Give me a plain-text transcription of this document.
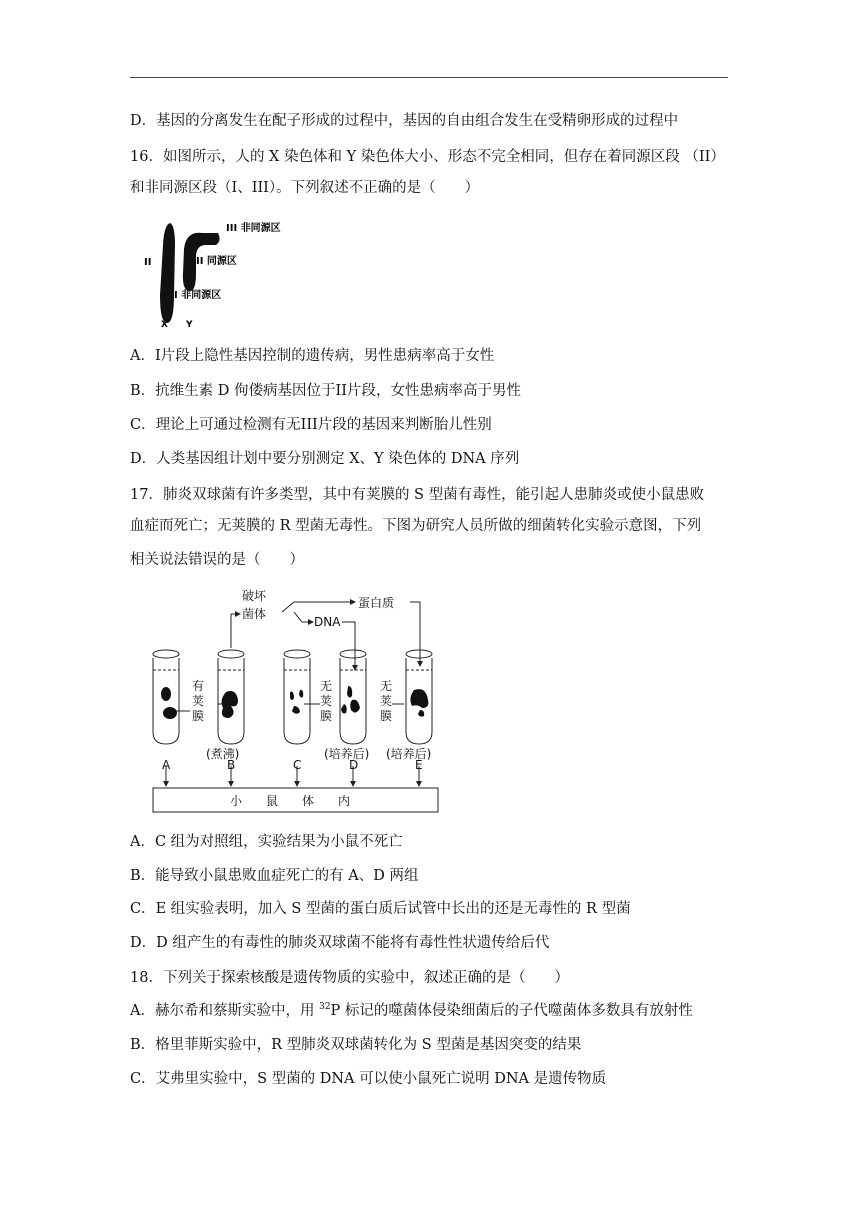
D．基因的分离发生在配子形成的过程中，基因的自由组合发生在受精卵形成的过程中
16．如图所示，人的 X 染色体和 Y 染色体大小、形态不完全相同，但存在着同源区段 （II）
和非同源区段（I、III）。下列叙述不正确的是（　　）
II
III 非同源区
II 同源区
I 非同源区
X Y
A．I片段上隐性基因控制的遗传病，男性患病率高于女性
B．抗维生素 D 佝偻病基因位于II片段，女性患病率高于男性
C．理论上可通过检测有无III片段的基因来判断胎儿性别
D．人类基因组计划中要分别测定 X、Y 染色体的 DNA 序列
17．肺炎双球菌有许多类型，其中有荚膜的 S 型菌有毒性，能引起人患肺炎或使小鼠患败
血症而死亡；无荚膜的 R 型菌无毒性。下图为研究人员所做的细菌转化实验示意图，下列
相关说法错误的是（　　）
破坏
菌体
蛋白质
DNA
有
荚
膜
无
荚
膜
无
荚
膜
(煮沸)	(培养后) (培养后)
A	B	C	D	E
小　　鼠　　体　　内
A．C 组为对照组，实验结果为小鼠不死亡
B．能导致小鼠患败血症死亡的有 A、D 两组
C．E 组实验表明，加入 S 型菌的蛋白质后试管中长出的还是无毒性的 R 型菌
D．D 组产生的有毒性的肺炎双球菌不能将有毒性性状遗传给后代
18．下列关于探索核酸是遗传物质的实验中，叙述正确的是（　　）
A．赫尔希和蔡斯实验中，用 $^{32}$P 标记的噬菌体侵染细菌后的子代噬菌体多数具有放射性
B．格里菲斯实验中，R 型肺炎双球菌转化为 S 型菌是基因突变的结果
C．艾弗里实验中，S 型菌的 DNA 可以使小鼠死亡说明 DNA 是遗传物质
